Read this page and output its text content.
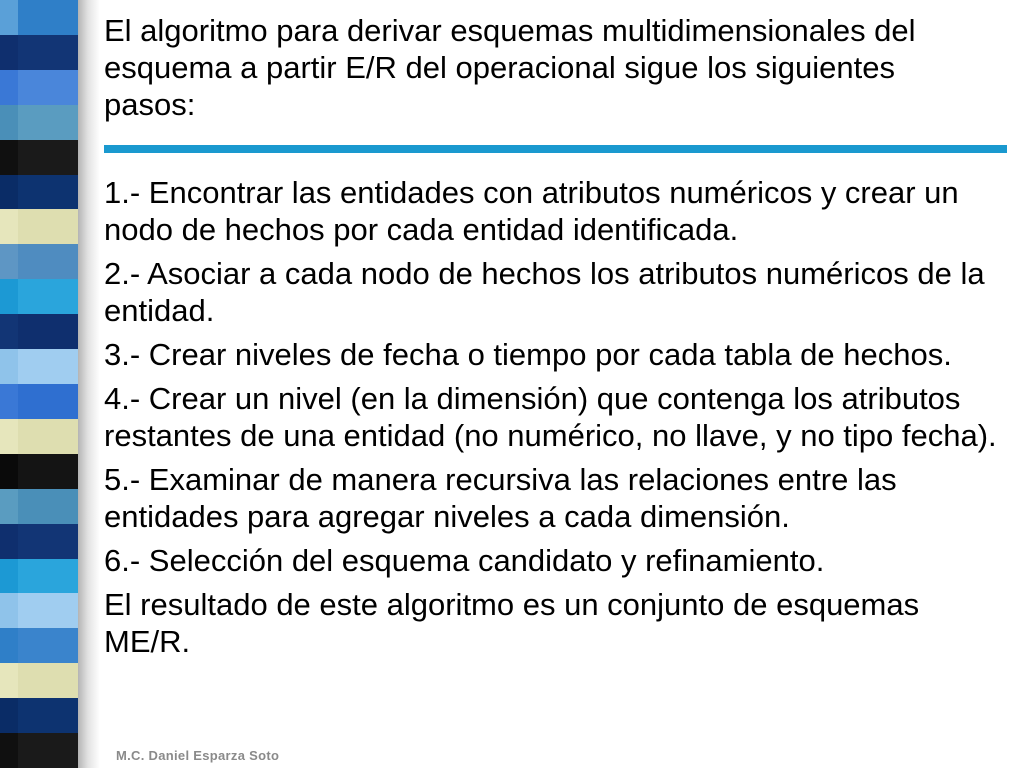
El algoritmo para derivar esquemas multidimensionales del esquema a partir E/R del operacional sigue los siguientes pasos:

1.- Encontrar las entidades con atributos numéricos y crear un nodo de hechos por cada entidad identificada.

2.- Asociar a cada nodo de hechos los atributos numéricos de la entidad.

3.- Crear niveles de fecha o tiempo por cada tabla de hechos.

4.- Crear un nivel (en la dimensión) que contenga los atributos restantes de una entidad (no numérico, no llave, y no tipo fecha).

5.- Examinar de manera recursiva las relaciones entre las entidades para agregar niveles a cada dimensión.

6.- Selección del esquema candidato y refinamiento.

El resultado de este algoritmo es un conjunto de esquemas ME/R.

M.C. Daniel Esparza Soto
